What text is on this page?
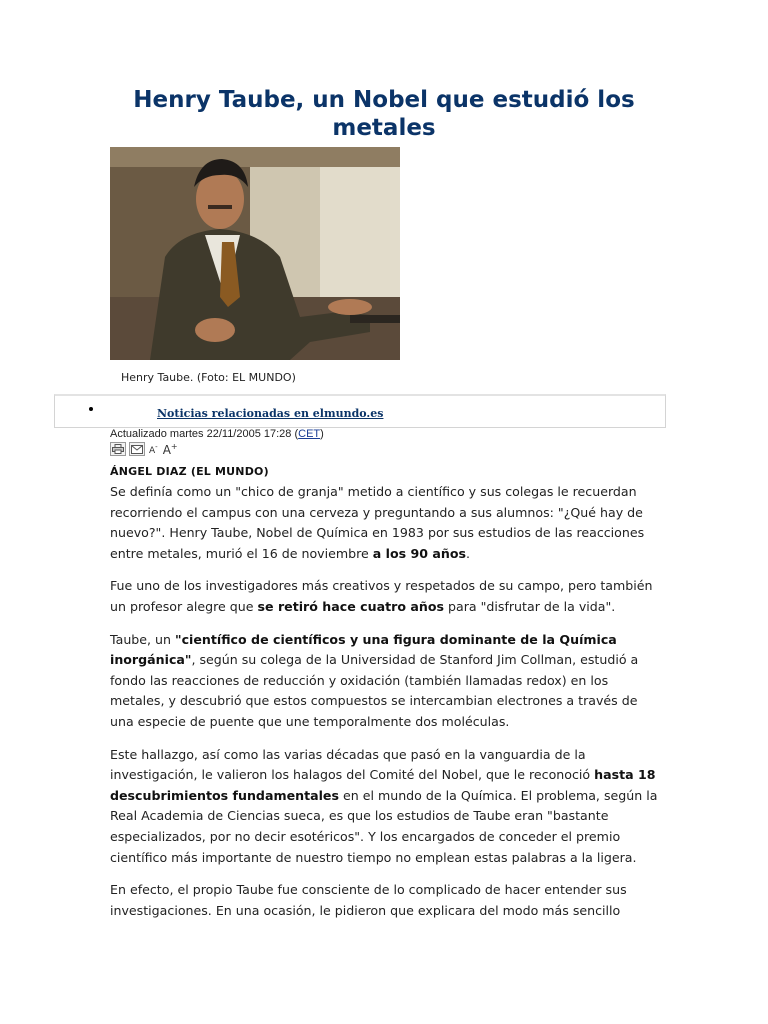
Henry Taube, un Nobel que estudió los metales
Henry Taube. (Foto: EL MUNDO)
Noticias relacionadas en elmundo.es
Actualizado martes 22/11/2005 17:28 (CET)
A- A+
ÁNGEL DIAZ (EL MUNDO)

Se definía como un "chico de granja" metido a científico y sus colegas le recuerdan recorriendo el campus con una cerveza y preguntando a sus alumnos: "¿Qué hay de nuevo?". Henry Taube, Nobel de Química en 1983 por sus estudios de las reacciones entre metales, murió el 16 de noviembre a los 90 años.

Fue uno de los investigadores más creativos y respetados de su campo, pero también un profesor alegre que se retiró hace cuatro años para "disfrutar de la vida".

Taube, un "científico de científicos y una figura dominante de la Química inorgánica", según su colega de la Universidad de Stanford Jim Collman, estudió a fondo las reacciones de reducción y oxidación (también llamadas redox) en los metales, y descubrió que estos compuestos se intercambian electrones a través de una especie de puente que une temporalmente dos moléculas.

Este hallazgo, así como las varias décadas que pasó en la vanguardia de la investigación, le valieron los halagos del Comité del Nobel, que le reconoció hasta 18 descubrimientos fundamentales en el mundo de la Química. El problema, según la Real Academia de Ciencias sueca, es que los estudios de Taube eran "bastante especializados, por no decir esotéricos". Y los encargados de conceder el premio científico más importante de nuestro tiempo no emplean estas palabras a la ligera.

En efecto, el propio Taube fue consciente de lo complicado de hacer entender sus investigaciones. En una ocasión, le pidieron que explicara del modo más sencillo
